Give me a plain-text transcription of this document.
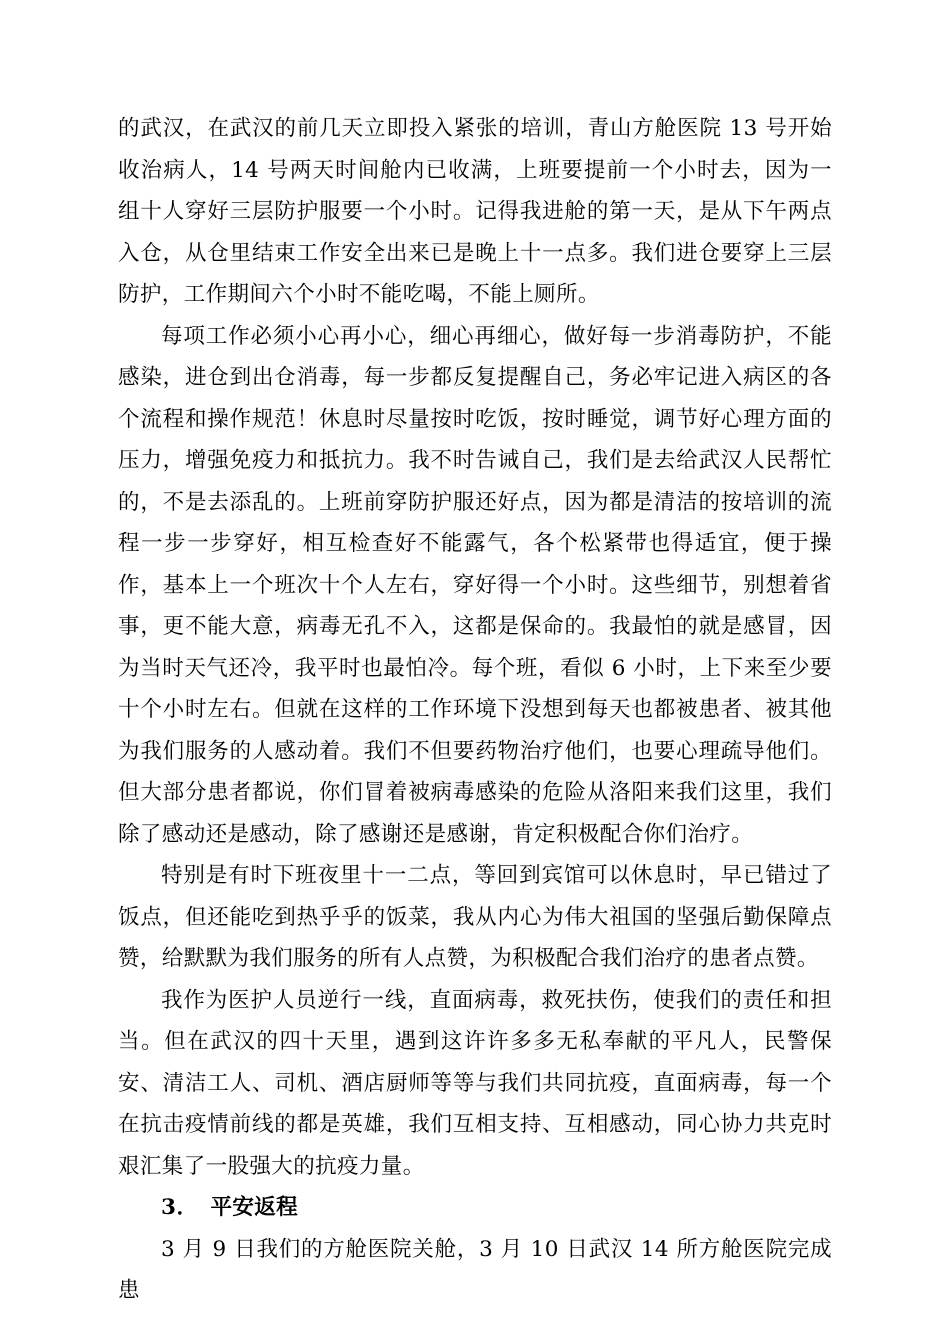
的武汉，在武汉的前几天立即投入紧张的培训，青山方舱医院 13 号开始收治病人，14 号两天时间舱内已收满，上班要提前一个小时去，因为一组十人穿好三层防护服要一个小时。记得我进舱的第一天，是从下午两点入仓，从仓里结束工作安全出来已是晚上十一点多。我们进仓要穿上三层防护，工作期间六个小时不能吃喝，不能上厕所。

每项工作必须小心再小心，细心再细心，做好每一步消毒防护，不能感染，进仓到出仓消毒，每一步都反复提醒自己，务必牢记进入病区的各个流程和操作规范！休息时尽量按时吃饭，按时睡觉，调节好心理方面的压力，增强免疫力和抵抗力。我不时告诫自己，我们是去给武汉人民帮忙的，不是去添乱的。上班前穿防护服还好点，因为都是清洁的按培训的流程一步一步穿好，相互检查好不能露气，各个松紧带也得适宜，便于操作，基本上一个班次十个人左右，穿好得一个小时。这些细节，别想着省事，更不能大意，病毒无孔不入，这都是保命的。我最怕的就是感冒，因为当时天气还冷，我平时也最怕冷。每个班，看似 6 小时，上下来至少要十个小时左右。但就在这样的工作环境下没想到每天也都被患者、被其他为我们服务的人感动着。我们不但要药物治疗他们，也要心理疏导他们。但大部分患者都说，你们冒着被病毒感染的危险从洛阳来我们这里，我们除了感动还是感动，除了感谢还是感谢，肯定积极配合你们治疗。

特别是有时下班夜里十一二点，等回到宾馆可以休息时，早已错过了饭点，但还能吃到热乎乎的饭菜，我从内心为伟大祖国的坚强后勤保障点赞，给默默为我们服务的所有人点赞，为积极配合我们治疗的患者点赞。

我作为医护人员逆行一线，直面病毒，救死扶伤，使我们的责任和担当。但在武汉的四十天里，遇到这许许多多无私奉献的平凡人，民警保安、清洁工人、司机、酒店厨师等等与我们共同抗疫，直面病毒，每一个在抗击疫情前线的都是英雄，我们互相支持、互相感动，同心协力共克时艰汇集了一股强大的抗疫力量。

3． 平安返程

3 月 9 日我们的方舱医院关舱，3 月 10 日武汉 14 所方舱医院完成患
